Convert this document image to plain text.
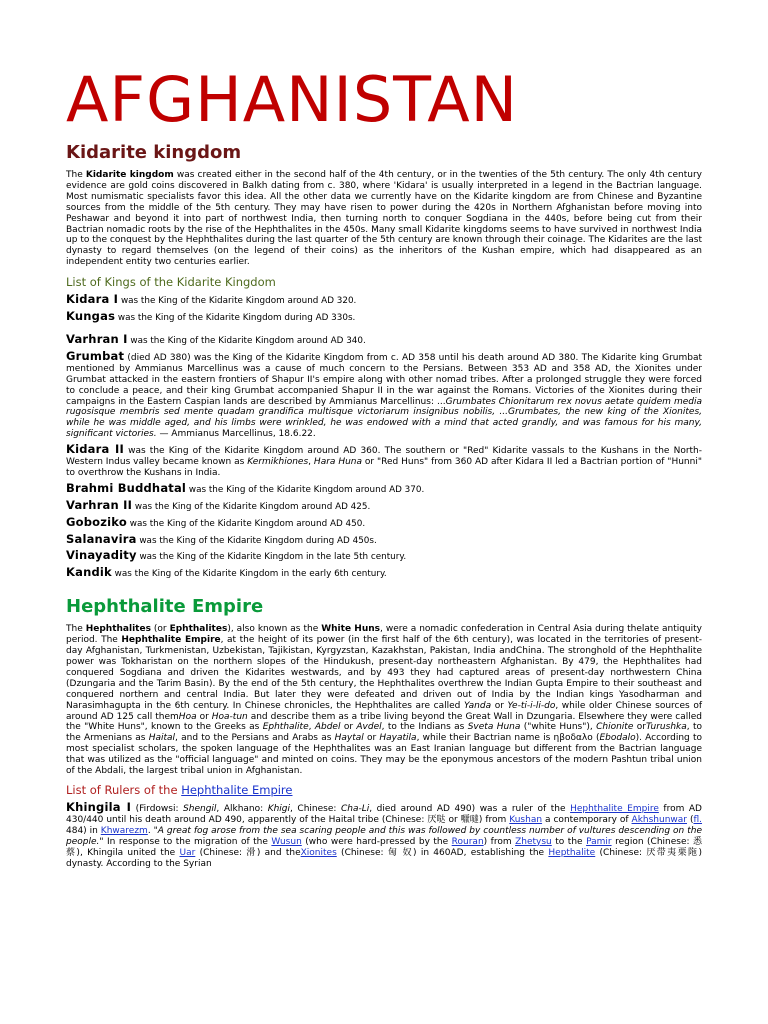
AFGHANISTAN
Kidarite kingdom

The Kidarite kingdom was created either in the second half of the 4th century, or in the twenties of the 5th century. The only 4th century evidence are gold coins discovered in Balkh dating from c. 380, where 'Kidara' is usually interpreted in a legend in the Bactrian language. Most numismatic specialists favor this idea. All the other data we currently have on the Kidarite kingdom are from Chinese and Byzantine sources from the middle of the 5th century. They may have risen to power during the 420s in Northern Afghanistan before moving into Peshawar and beyond it into part of northwest India, then turning north to conquer Sogdiana in the 440s, before being cut from their Bactrian nomadic roots by the rise of the Hephthalites in the 450s. Many small Kidarite kingdoms seems to have survived in northwest India up to the conquest by the Hephthalites during the last quarter of the 5th century are known through their coinage. The Kidarites are the last dynasty to regard themselves (on the legend of their coins) as the inheritors of the Kushan empire, which had disappeared as an independent entity two centuries earlier.

List of Kings of the Kidarite Kingdom

Kidara I was the King of the Kidarite Kingdom around AD 320.

Kungas was the King of the Kidarite Kingdom during AD 330s.

Varhran I was the King of the Kidarite Kingdom around AD 340.

Grumbat (died AD 380) was the King of the Kidarite Kingdom from c. AD 358 until his death around AD 380. The Kidarite king Grumbat mentioned by Ammianus Marcellinus was a cause of much concern to the Persians. Between 353 AD and 358 AD, the Xionites under Grumbat attacked in the eastern frontiers of Shapur II's empire along with other nomad tribes. After a prolonged struggle they were forced to conclude a peace, and their king Grumbat accompanied Shapur II in the war against the Romans. Victories of the Xionites during their campaigns in the Eastern Caspian lands are described by Ammianus Marcellinus: ...Grumbates Chionitarum rex novus aetate quidem media rugosisque membris sed mente quadam grandifica multisque victoriarum insignibus nobilis, ...Grumbates, the new king of the Xionites, while he was middle aged, and his limbs were wrinkled, he was endowed with a mind that acted grandly, and was famous for his many, significant victories. — Ammianus Marcellinus, 18.6.22.

Kidara II was the King of the Kidarite Kingdom around AD 360. The southern or "Red" Kidarite vassals to the Kushans in the North-Western Indus valley became known as Kermikhiones, Hara Huna or "Red Huns" from 360 AD after Kidara II led a Bactrian portion of "Hunni" to overthrow the Kushans in India.

Brahmi Buddhatal was the King of the Kidarite Kingdom around AD 370.

Varhran II was the King of the Kidarite Kingdom around AD 425.

Goboziko was the King of the Kidarite Kingdom around AD 450.

Salanavira was the King of the Kidarite Kingdom during AD 450s.

Vinayadity was the King of the Kidarite Kingdom in the late 5th century.

Kandik was the King of the Kidarite Kingdom in the early 6th century.

Hephthalite Empire

The Hephthalites (or Ephthalites), also known as the White Huns, were a nomadic confederation in Central Asia during thelate antiquity period. The Hephthalite Empire, at the height of its power (in the first half of the 6th century), was located in the territories of present-day Afghanistan, Turkmenistan, Uzbekistan, Tajikistan, Kyrgyzstan, Kazakhstan, Pakistan, India andChina. The stronghold of the Hephthalite power was Tokharistan on the northern slopes of the Hindukush, present-day northeastern Afghanistan. By 479, the Hephthalites had conquered Sogdiana and driven the Kidarites westwards, and by 493 they had captured areas of present-day northwestern China (Dzungaria and the Tarim Basin). By the end of the 5th century, the Hephthalites overthrew the Indian Gupta Empire to their southeast and conquered northern and central India. But later they were defeated and driven out of India by the Indian kings Yasodharman and Narasimhagupta in the 6th century. In Chinese chronicles, the Hephthalites are called Yanda or Ye-ti-i-li-do, while older Chinese sources of around AD 125 call themHoa or Hoa-tun and describe them as a tribe living beyond the Great Wall in Dzungaria. Elsewhere they were called the "White Huns", known to the Greeks as Ephthalite, Abdel or Avdel, to the Indians as Sveta Huna ("white Huns"), Chionite orTurushka, to the Armenians as Haital, and to the Persians and Arabs as Haytal or Hayatila, while their Bactrian name is ηβοδαλο (Ebodalo). According to most specialist scholars, the spoken language of the Hephthalites was an East Iranian language but different from the Bactrian language that was utilized as the "official language" and minted on coins. They may be the eponymous ancestors of the modern Pashtun tribal union of the Abdali, the largest tribal union in Afghanistan.

List of Rulers of the Hephthalite Empire

Khingila I (Firdowsi: Shengil, Alkhano: Khigi, Chinese: Cha-Li, died around AD 490) was a ruler of the Hephthalite Empire from AD 430/440 until his death around AD 490, apparently of the Haital tribe (Chinese: 厌哒 or 嚈噠) from Kushan a contemporary of Akhshunwar (fl. 484) in Khwarezm. "A great fog arose from the sea scaring people and this was followed by countless number of vultures descending on the people." In response to the migration of the Wusun (who were hard-pressed by the Rouran) from Zhetysu to the Pamir region (Chinese: 悉 蔡), Khingila united the Uar (Chinese: 滑) and theXionites (Chinese: 匈 奴) in 460AD, establishing the Hepthalite (Chinese: 厌带夷栗陁) dynasty. According to the Syrian
